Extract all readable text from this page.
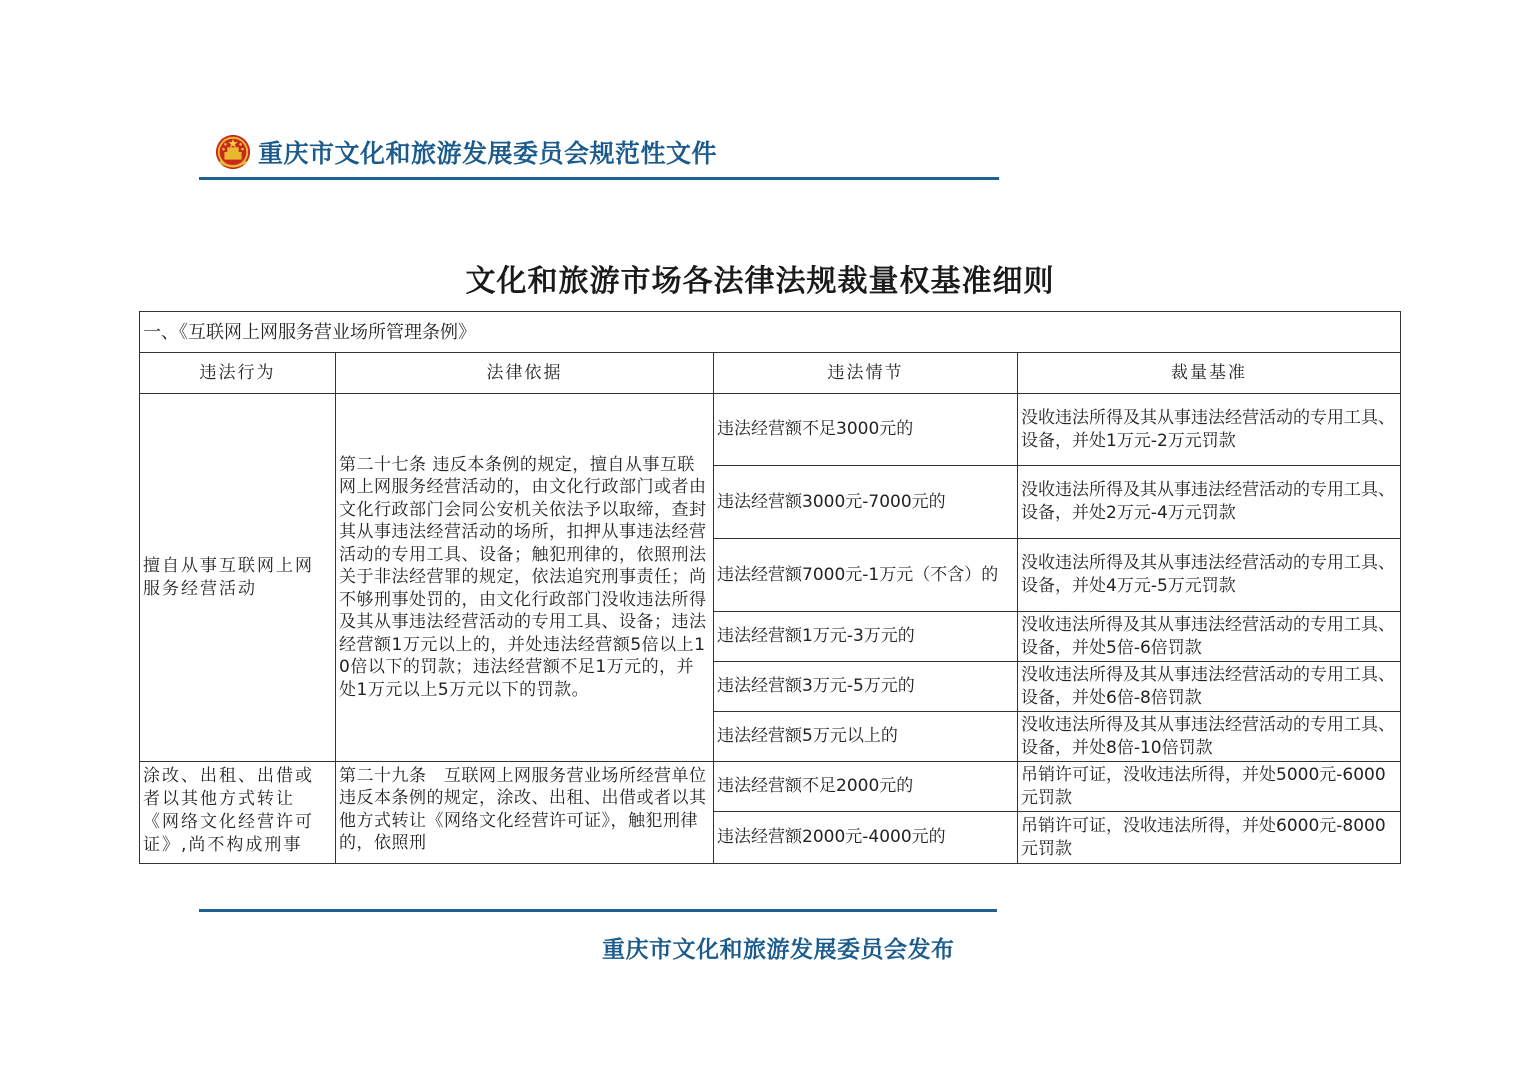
重庆市文化和旅游发展委员会规范性文件
文化和旅游市场各法律法规裁量权基准细则
一、《互联网上网服务营业场所管理条例》			
违法行为	法律依据	违法情节	裁量基准
擅自从事互联网上网服务经营活动	第二十七条 违反本条例的规定，擅自从事互联网上网服务经营活动的，由文化行政部门或者由文化行政部门会同公安机关依法予以取缔，查封其从事违法经营活动的场所，扣押从事违法经营活动的专用工具、设备；触犯刑律的，依照刑法关于非法经营罪的规定，依法追究刑事责任；尚不够刑事处罚的，由文化行政部门没收违法所得及其从事违法经营活动的专用工具、设备；违法经营额1万元以上的，并处违法经营额5倍以上10倍以下的罚款；违法经营额不足1万元的，并处1万元以上5万元以下的罚款。	违法经营额不足3000元的	没收违法所得及其从事违法经营活动的专用工具、设备，并处1万元-2万元罚款
		违法经营额3000元-7000元的	没收违法所得及其从事违法经营活动的专用工具、设备，并处2万元-4万元罚款
		违法经营额7000元-1万元（不含）的	没收违法所得及其从事违法经营活动的专用工具、设备，并处4万元-5万元罚款
		违法经营额1万元-3万元的	没收违法所得及其从事违法经营活动的专用工具、设备，并处5倍-6倍罚款
		违法经营额3万元-5万元的	没收违法所得及其从事违法经营活动的专用工具、设备，并处6倍-8倍罚款
		违法经营额5万元以上的	没收违法所得及其从事违法经营活动的专用工具、设备，并处8倍-10倍罚款

涂改、出租、出借或者以其他方式转让《网络文化经营许可证》,尚不构成刑事	第二十九条　互联网上网服务营业场所经营单位违反本条例的规定，涂改、出租、出借或者以其他方式转让《网络文化经营许可证》，触犯刑律的，依照刑	违法经营额不足2000元的	吊销许可证，没收违法所得，并处5000元-6000元罚款
		违法经营额2000元-4000元的	吊销许可证，没收违法所得，并处6000元-8000元罚款
重庆市文化和旅游发展委员会发布
